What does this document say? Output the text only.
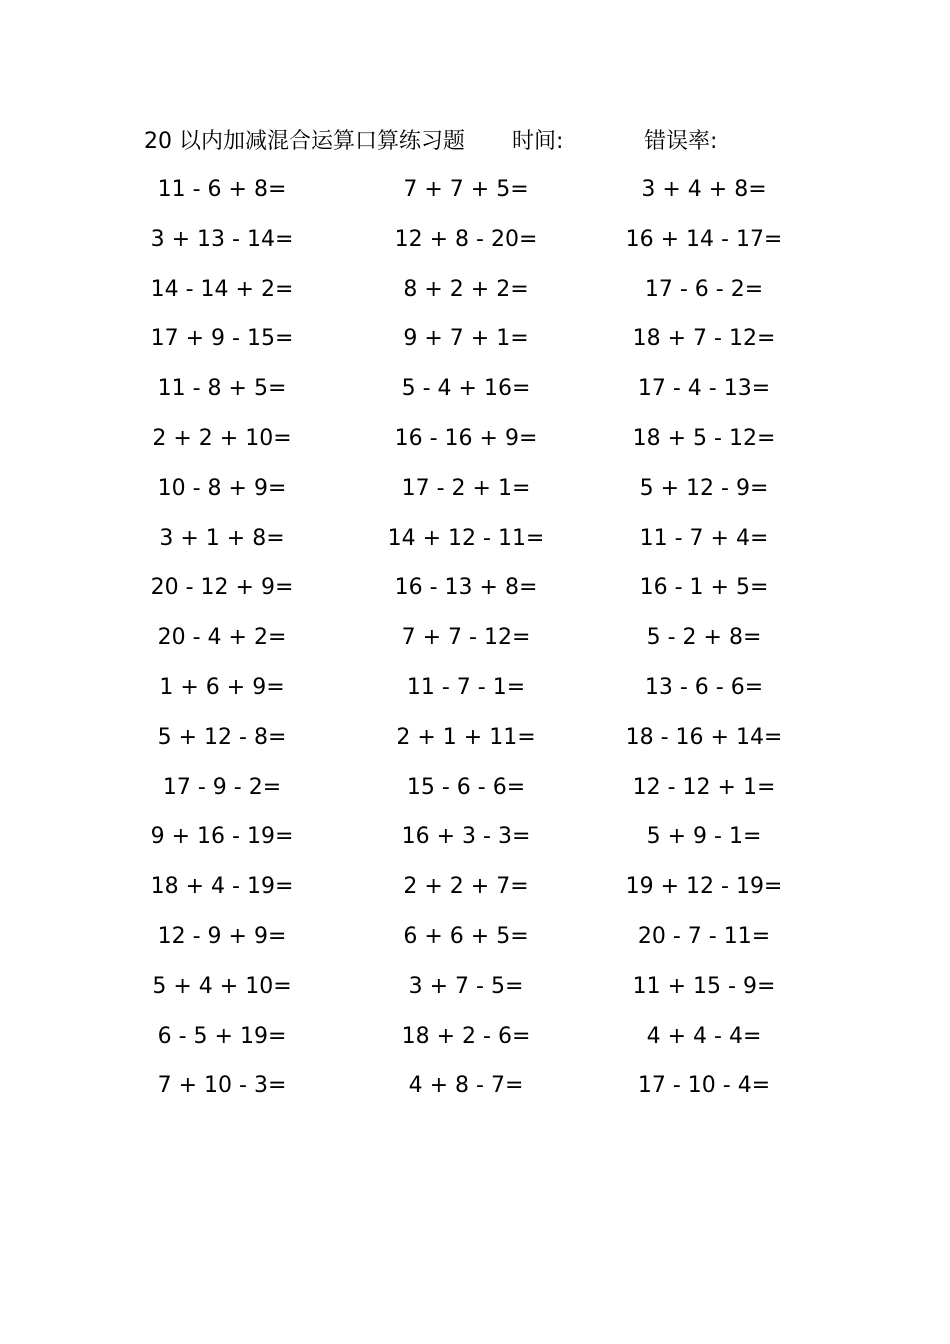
20 以内加减混合运算口算练习题 时间:	错误率:
11 - 6 + 8=	7 + 7 + 5=	3 + 4 + 8=
3 + 13 - 14=	12 + 8 - 20=	16 + 14 - 17=
14 - 14 + 2=	8 + 2 + 2=	17 - 6 - 2=
17 + 9 - 15=	9 + 7 + 1=	18 + 7 - 12=
11 - 8 + 5=	5 - 4 + 16=	17 - 4 - 13=
2 + 2 + 10=	16 - 16 + 9=	18 + 5 - 12=
10 - 8 + 9=	17 - 2 + 1=	5 + 12 - 9=
3 + 1 + 8=	14 + 12 - 11=	11 - 7 + 4=
20 - 12 + 9=	16 - 13 + 8=	16 - 1 + 5=
20 - 4 + 2=	7 + 7 - 12=	5 - 2 + 8=
1 + 6 + 9=	11 - 7 - 1=	13 - 6 - 6=
5 + 12 - 8=	2 + 1 + 11=	18 - 16 + 14=
17 - 9 - 2=	15 - 6 - 6=	12 - 12 + 1=
9 + 16 - 19=	16 + 3 - 3=	5 + 9 - 1=
18 + 4 - 19=	2 + 2 + 7=	19 + 12 - 19=
12 - 9 + 9=	6 + 6 + 5=	20 - 7 - 11=
5 + 4 + 10=	3 + 7 - 5=	11 + 15 - 9=
6 - 5 + 19=	18 + 2 - 6=	4 + 4 - 4=
7 + 10 - 3=	4 + 8 - 7=	17 - 10 - 4=
